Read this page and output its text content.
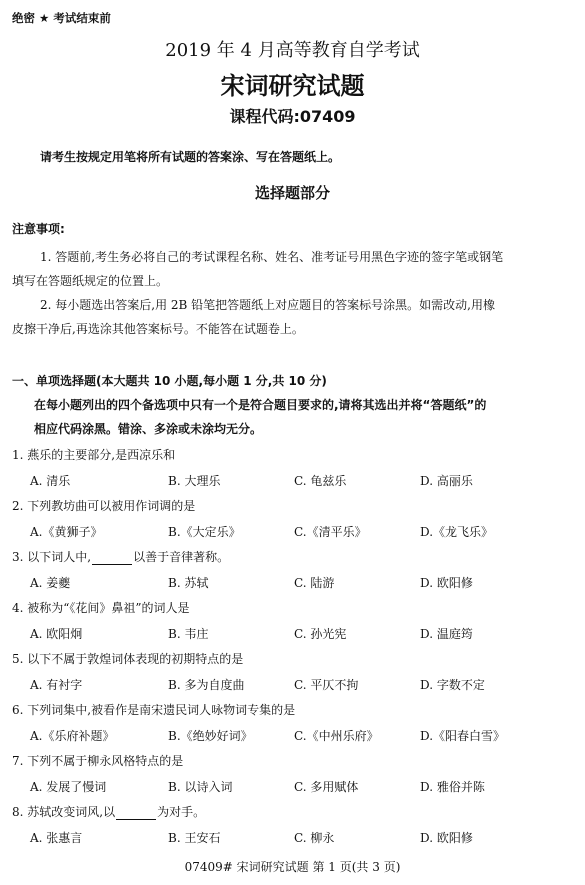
绝密 ★ 考试结束前
2019 年 4 月高等教育自学考试
宋词研究试题
课程代码:07409
请考生按规定用笔将所有试题的答案涂、写在答题纸上。
选择题部分
注意事项:
1. 答题前,考生务必将自己的考试课程名称、姓名、准考证号用黑色字迹的签字笔或钢笔
填写在答题纸规定的位置上。
2. 每小题选出答案后,用 2B 铅笔把答题纸上对应题目的答案标号涂黑。如需改动,用橡
皮擦干净后,再选涂其他答案标号。不能答在试题卷上。
一、单项选择题(本大题共 10 小题,每小题 1 分,共 10 分)
在每小题列出的四个备选项中只有一个是符合题目要求的,请将其选出并将“答题纸”的
相应代码涂黑。错涂、多涂或未涂均无分。
1. 燕乐的主要部分,是西凉乐和
A. 清乐	B. 大理乐	C. 龟兹乐	D. 高丽乐
2. 下列教坊曲可以被用作词调的是
A.《黄狮子》	B.《大定乐》	C.《清平乐》	D.《龙飞乐》
3. 以下词人中,	以善于音律著称。
A. 姜夔	B. 苏轼	C. 陆游	D. 欧阳修
4. 被称为“《花间》鼻祖”的词人是
A. 欧阳炯	B. 韦庄	C. 孙光宪	D. 温庭筠
5. 以下不属于敦煌词体表现的初期特点的是
A. 有衬字	B. 多为自度曲	C. 平仄不拘	D. 字数不定
6. 下列词集中,被看作是南宋遗民词人咏物词专集的是
A.《乐府补题》	B.《绝妙好词》	C.《中州乐府》	D.《阳春白雪》
7. 下列不属于柳永风格特点的是
A. 发展了慢词	B. 以诗入词	C. 多用赋体	D. 雅俗并陈
8. 苏轼改变词风,以	为对手。
A. 张惠言	B. 王安石	C. 柳永	D. 欧阳修
07409# 宋词研究试题 第 1 页(共 3 页)
